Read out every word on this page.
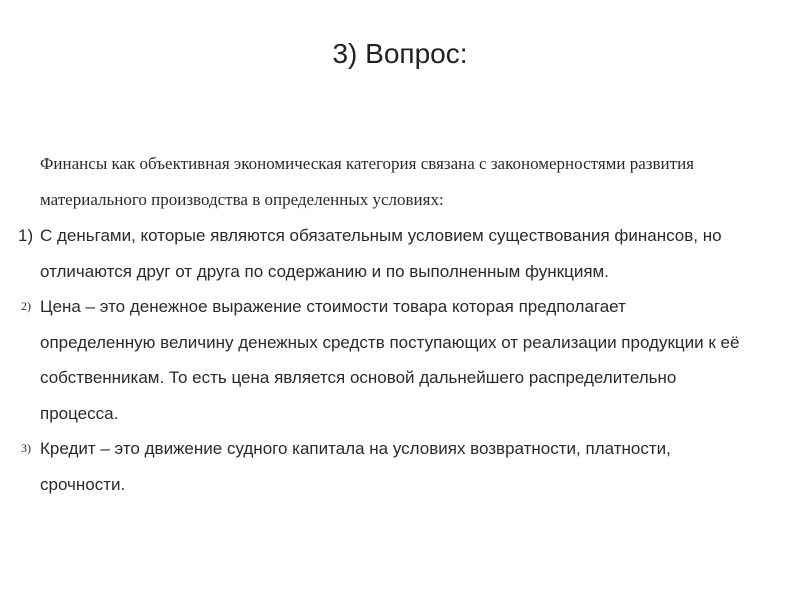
3) Вопрос:
Финансы как объективная экономическая категория связана с закономерностями развития материального производства в определенных условиях:
1) С деньгами, которые являются обязательным условием существования финансов, но отличаются друг от друга по содержанию и по выполненным функциям.
2) Цена – это денежное выражение стоимости товара которая предполагает определенную величину денежных средств поступающих от реализации продукции к её собственникам. То есть цена является основой дальнейшего распределительно процесса.
3) Кредит – это движение судного капитала на условиях возвратности, платности, срочности.
